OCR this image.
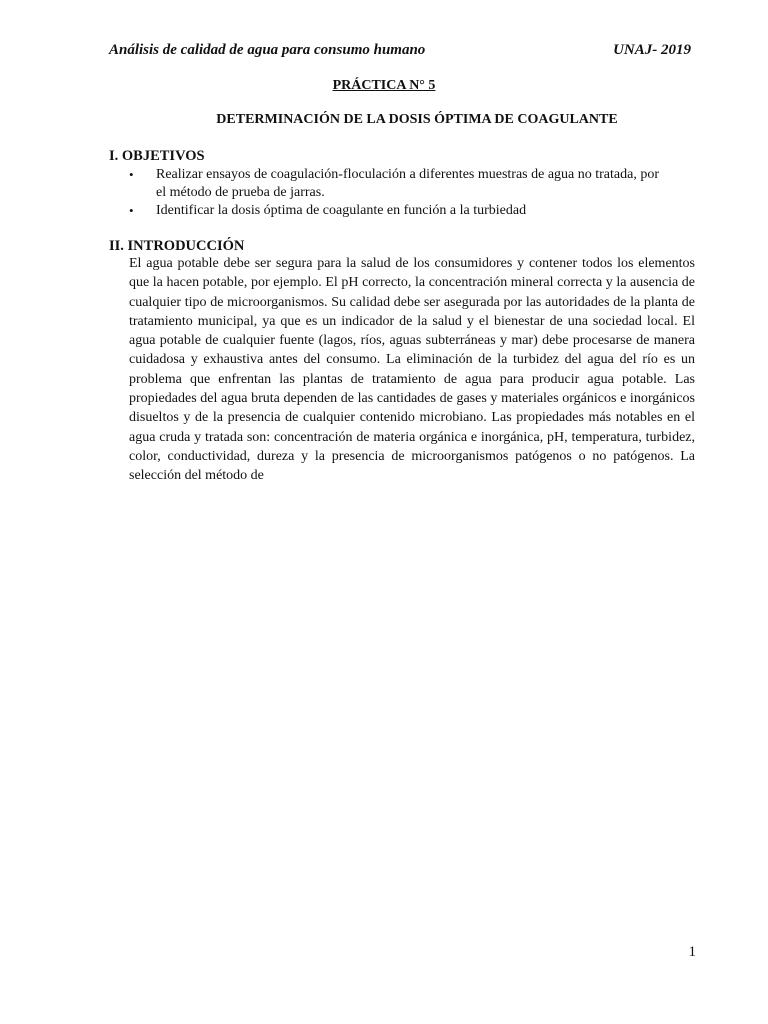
Análisis de calidad de agua para consumo humano	UNAJ- 2019
PRÁCTICA N° 5
DETERMINACIÓN DE LA DOSIS ÓPTIMA DE COAGULANTE
I. OBJETIVOS
• Realizar ensayos de coagulación-floculación a diferentes muestras de agua no tratada, por el método de prueba de jarras.
• Identificar la dosis óptima de coagulante en función a la turbiedad
II. INTRODUCCIÓN

El agua potable debe ser segura para la salud de los consumidores y contener todos los elementos que la hacen potable, por ejemplo. El pH correcto, la concentración mineral correcta y la ausencia de cualquier tipo de microorganismos. Su calidad debe ser asegurada por las autoridades de la planta de tratamiento municipal, ya que es un indicador de la salud y el bienestar de una sociedad local. El agua potable de cualquier fuente (lagos, ríos, aguas subterráneas y mar) debe procesarse de manera cuidadosa y exhaustiva antes del consumo. La eliminación de la turbidez del agua del río es un problema que enfrentan las plantas de tratamiento de agua para producir agua potable. Las propiedades del agua bruta dependen de las cantidades de gases y materiales orgánicos e inorgánicos disueltos y de la presencia de cualquier contenido microbiano. Las propiedades más notables en el agua cruda y tratada son: concentración de materia orgánica e inorgánica, pH, temperatura, turbidez, color, conductividad, dureza y la presencia de microorganismos patógenos o no patógenos. La selección del método de

1
